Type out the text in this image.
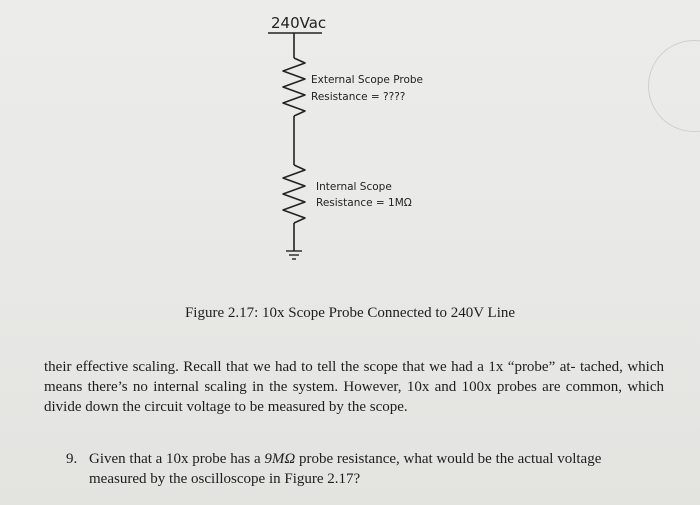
240Vac
External Scope Probe
Resistance = ????
Internal Scope
Resistance = 1MΩ
Figure 2.17: 10x Scope Probe Connected to 240V Line
their effective scaling. Recall that we had to tell the scope that we had a 1x “probe” at- tached, which means there’s no internal scaling in the system. However, 10x and 100x probes are common, which divide down the circuit voltage to be measured by the scope.
9. Given that a 10x probe has a 9MΩ probe resistance, what would be the actual voltage measured by the oscilloscope in Figure 2.17?
